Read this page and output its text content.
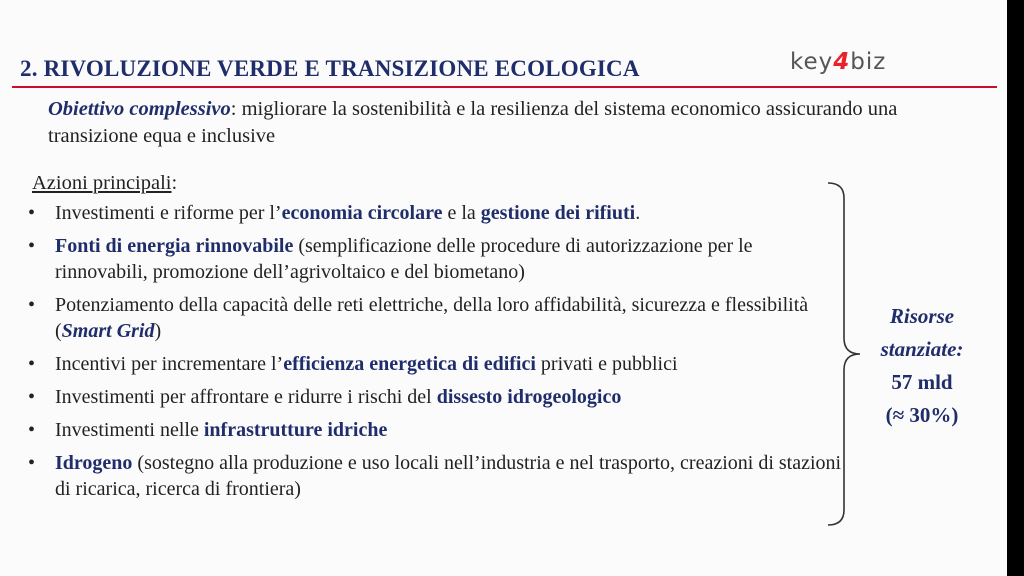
2. RIVOLUZIONE VERDE E TRANSIZIONE ECOLOGICA	key4biz
Obiettivo complessivo: migliorare la sostenibilità e la resilienza del sistema economico assicurando una transizione equa e inclusive
Azioni principali:
• Investimenti e riforme per l’economia circolare e la gestione dei rifiuti.
• Fonti di energia rinnovabile (semplificazione delle procedure di autorizzazione per le rinnovabili, promozione dell’agrivoltaico e del biometano)
• Potenziamento della capacità delle reti elettriche, della loro affidabilità, sicurezza e flessibilità (Smart Grid)
• Incentivi per incrementare l’efficienza energetica di edifici privati e pubblici
• Investimenti per affrontare e ridurre i rischi del dissesto idrogeologico
• Investimenti nelle infrastrutture idriche
• Idrogeno (sostegno alla produzione e uso locali nell’industria e nel trasporto, creazioni di stazioni di ricarica, ricerca di frontiera)
Risorse
stanziate:
57 mld
(≈ 30%)
